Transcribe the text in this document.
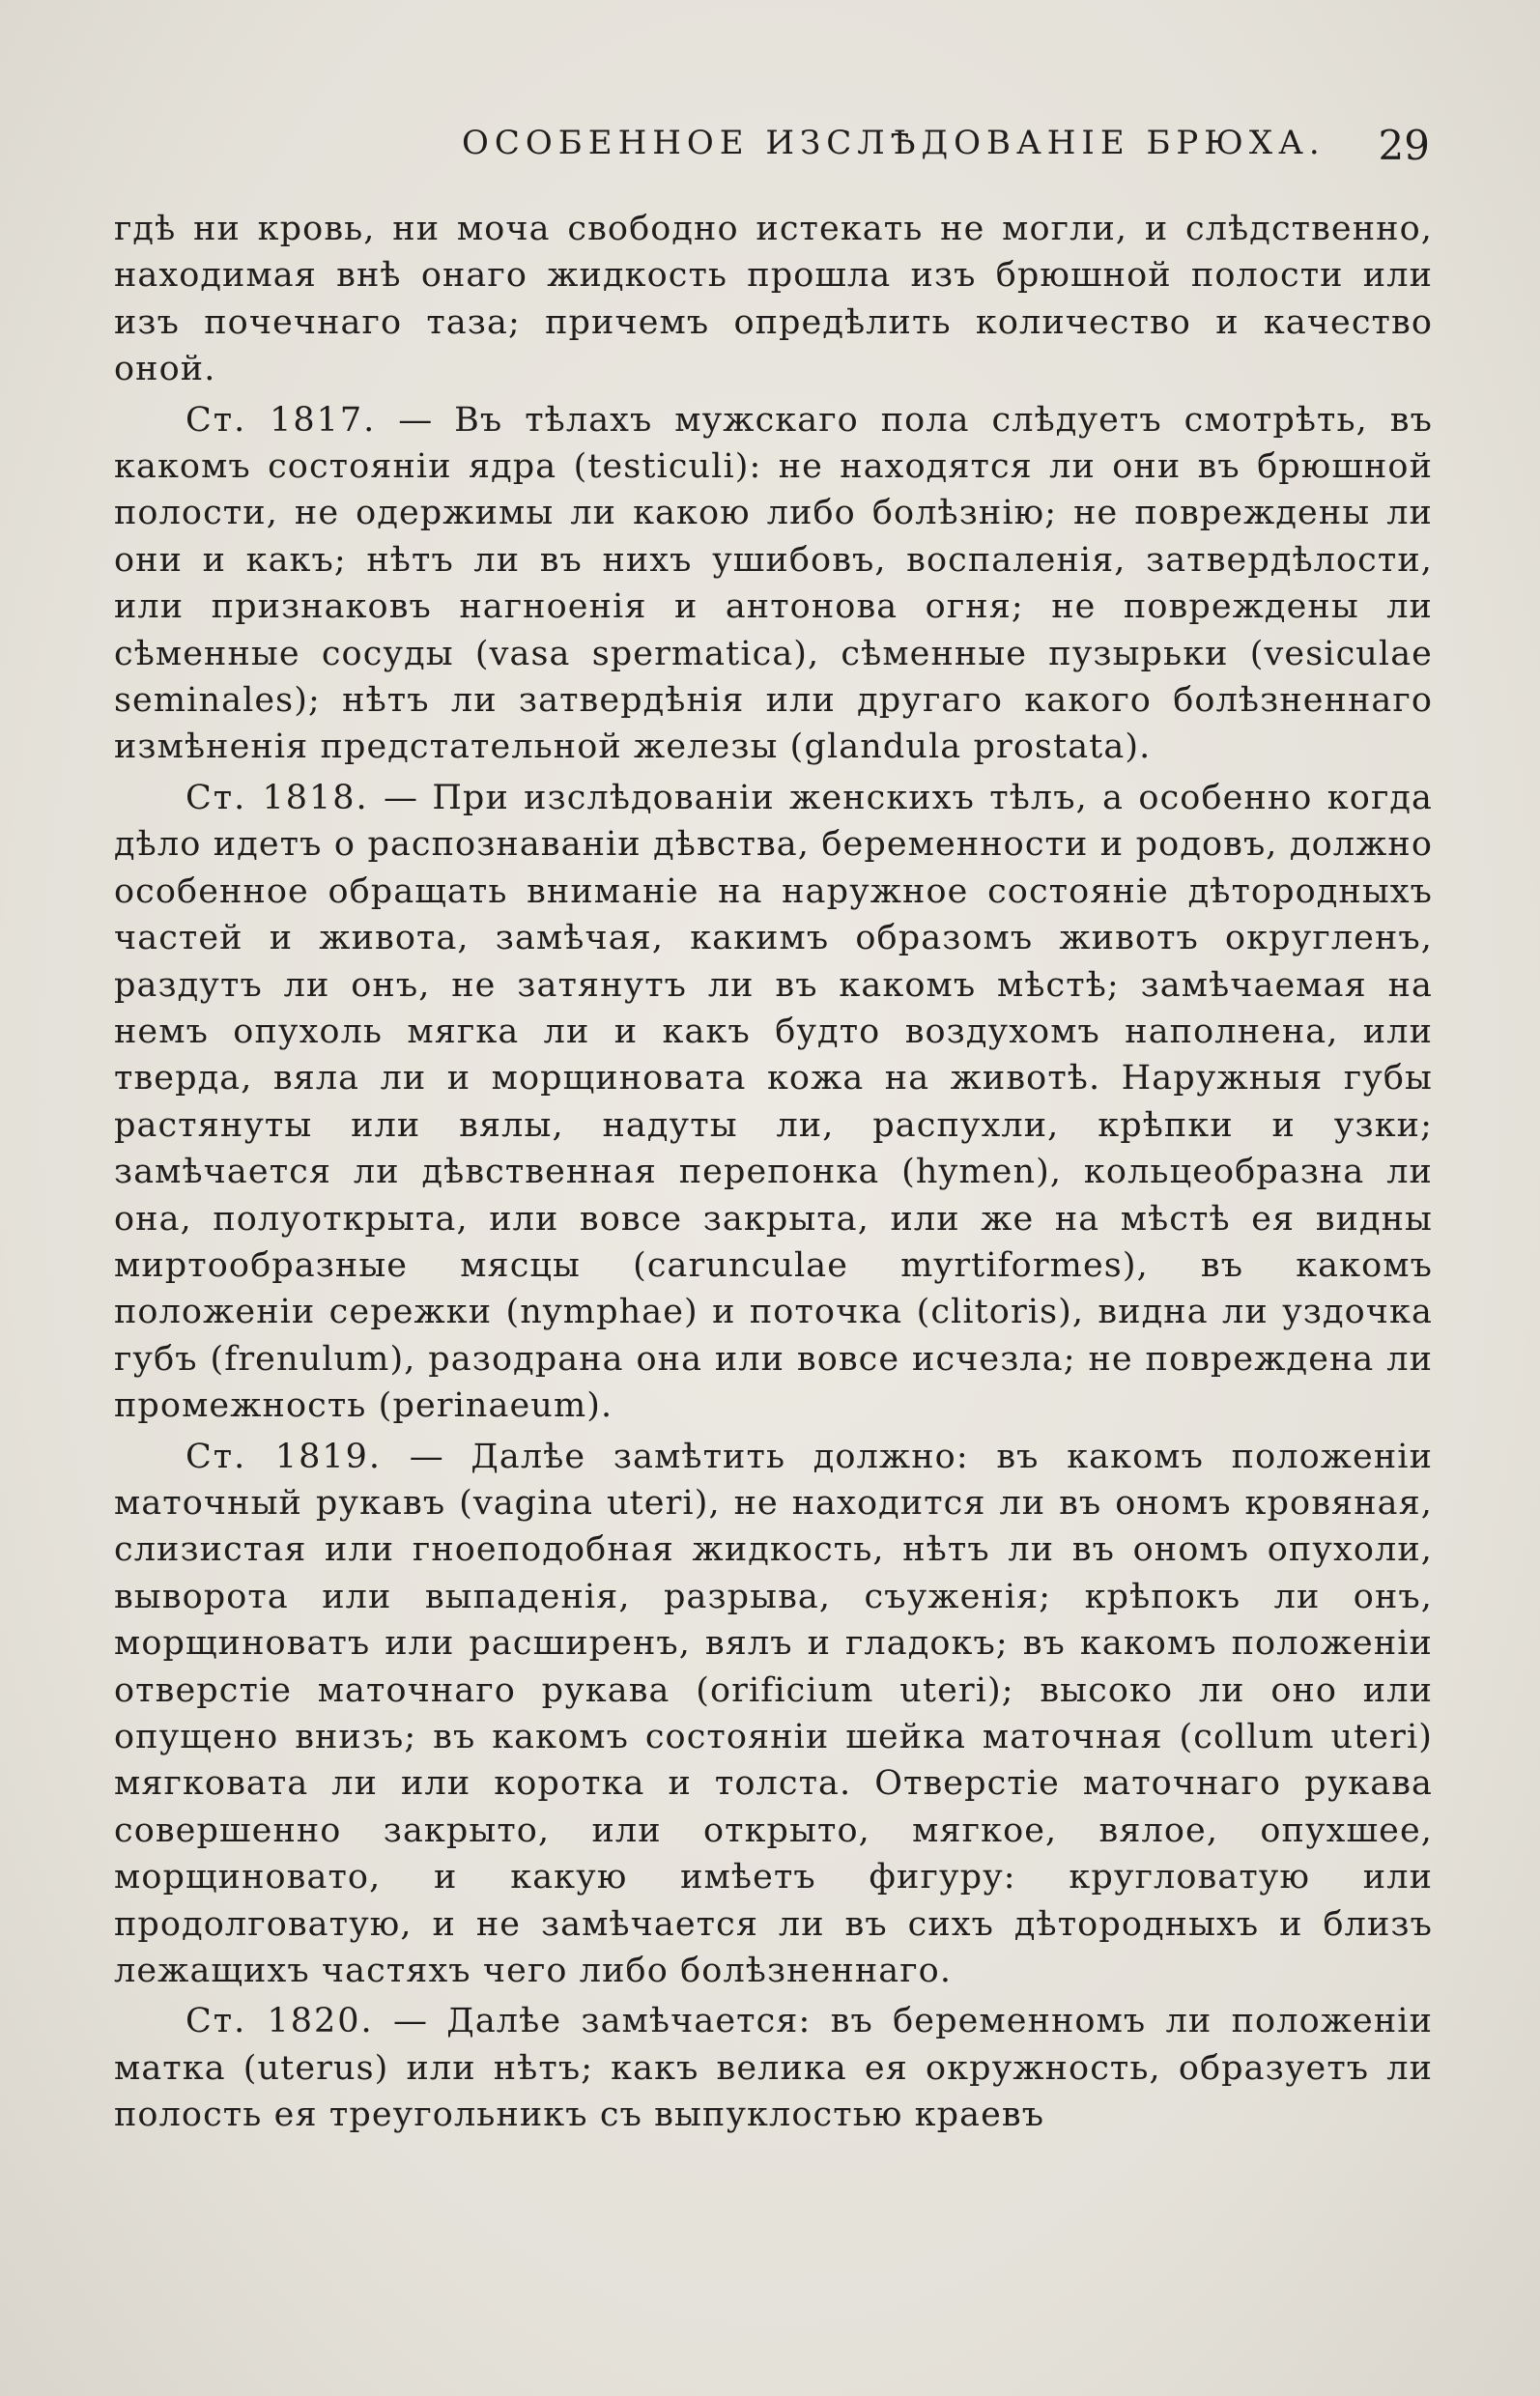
ОСОБЕННОЕ ИЗСЛѢДОВАНІЕ БРЮХА. 29

гдѣ ни кровь, ни моча свободно истекать не могли, и слѣдственно, находимая внѣ онаго жидкость прошла изъ брюшной полости или изъ почечнаго таза; причемъ опредѣлить количество и качество оной.

Ст. 1817. — Въ тѣлахъ мужскаго пола слѣдуетъ смотрѣть, въ какомъ состояніи ядра (testiculi): не находятся ли они въ брюшной полости, не одержимы ли какою либо болѣзнію; не повреждены ли они и какъ; нѣтъ ли въ нихъ ушибовъ, воспаленія, затвердѣлости, или признаковъ нагноенія и антонова огня; не повреждены ли сѣменные сосуды (vasa spermatica), сѣменные пузырьки (vesiculae seminales); нѣтъ ли затвердѣнія или другаго какого болѣзненнаго измѣненія предстательной железы (glandula prostata).

Ст. 1818. — При изслѣдованіи женскихъ тѣлъ, а особенно когда дѣло идетъ о распознаваніи дѣвства, беременности и родовъ, должно особенное обращать вниманіе на наружное состояніе дѣтородныхъ частей и живота, замѣчая, какимъ образомъ животъ округленъ, раздутъ ли онъ, не затянутъ ли въ какомъ мѣстѣ; замѣчаемая на немъ опухоль мягка ли и какъ будто воздухомъ наполнена, или тверда, вяла ли и морщиновата кожа на животѣ. Наружныя губы растянуты или вялы, надуты ли, распухли, крѣпки и узки; замѣчается ли дѣвственная перепонка (hymen), кольцеобразна ли она, полуоткрыта, или вовсе закрыта, или же на мѣстѣ ея видны миртообразные мясцы (carunculae myrtiformes), въ какомъ положеніи сережки (nymphae) и поточка (clitoris), видна ли уздочка губъ (frenulum), разодрана она или вовсе исчезла; не повреждена ли промежность (perinaeum).

Ст. 1819. — Далѣе замѣтить должно: въ какомъ положеніи маточный рукавъ (vagina uteri), не находится ли въ ономъ кровяная, слизистая или гноеподобная жидкость, нѣтъ ли въ ономъ опухоли, выворота или выпаденія, разрыва, съуженія; крѣпокъ ли онъ, морщиноватъ или расширенъ, вялъ и гладокъ; въ какомъ положеніи отверстіе маточнаго рукава (orificium uteri); высоко ли оно или опущено внизъ; въ какомъ состояніи шейка маточная (collum uteri) мягковата ли или коротка и толста. Отверстіе маточнаго рукава совершенно закрыто, или открыто, мягкое, вялое, опухшее, морщиновато, и какую имѣетъ фигуру: кругловатую или продолговатую, и не замѣчается ли въ сихъ дѣтородныхъ и близъ лежащихъ частяхъ чего либо болѣзненнаго.

Ст. 1820. — Далѣе замѣчается: въ беременномъ ли положеніи матка (uterus) или нѣтъ; какъ велика ея окружность, образуетъ ли полость ея треугольникъ съ выпуклостью краевъ
